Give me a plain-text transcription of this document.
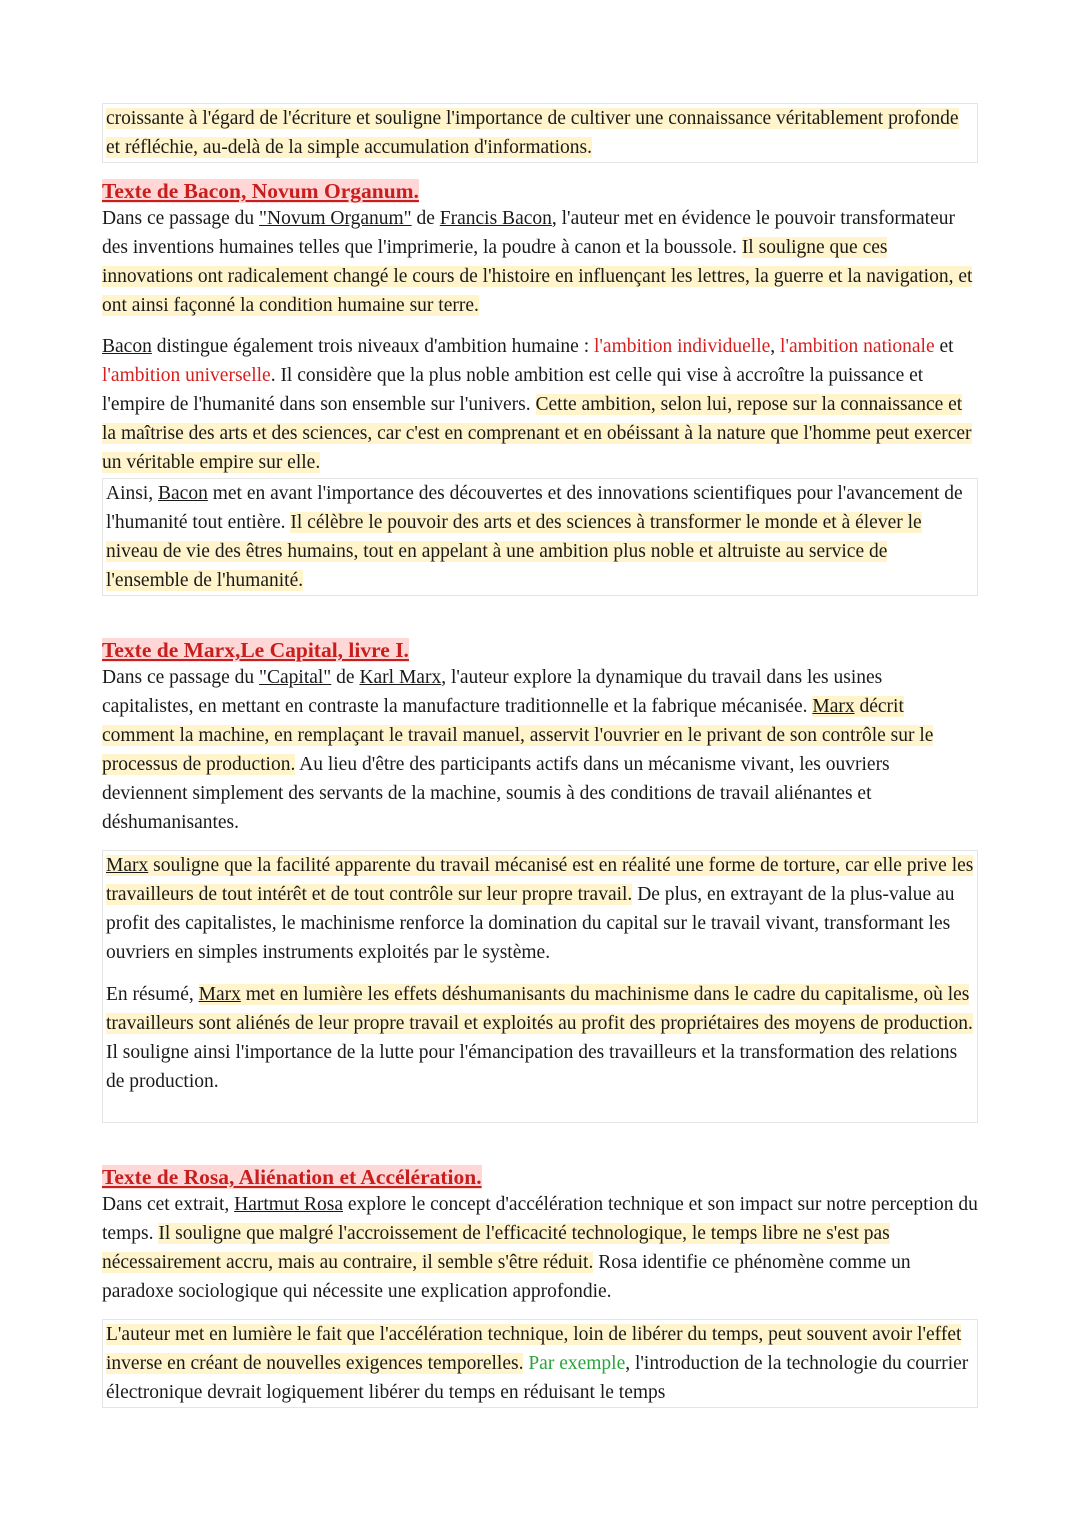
croissante à l'égard de l'écriture et souligne l'importance de cultiver une connaissance véritablement profonde et réfléchie, au-delà de la simple accumulation d'informations.

Texte de Bacon, Novum Organum.

Dans ce passage du "Novum Organum" de Francis Bacon, l'auteur met en évidence le pouvoir transformateur des inventions humaines telles que l'imprimerie, la poudre à canon et la boussole. Il souligne que ces innovations ont radicalement changé le cours de l'histoire en influençant les lettres, la guerre et la navigation, et ont ainsi façonné la condition humaine sur terre.

Bacon distingue également trois niveaux d'ambition humaine : l'ambition individuelle, l'ambition nationale et l'ambition universelle. Il considère que la plus noble ambition est celle qui vise à accroître la puissance et l'empire de l'humanité dans son ensemble sur l'univers. Cette ambition, selon lui, repose sur la connaissance et la maîtrise des arts et des sciences, car c'est en comprenant et en obéissant à la nature que l'homme peut exercer un véritable empire sur elle.

Ainsi, Bacon met en avant l'importance des découvertes et des innovations scientifiques pour l'avancement de l'humanité tout entière. Il célèbre le pouvoir des arts et des sciences à transformer le monde et à élever le niveau de vie des êtres humains, tout en appelant à une ambition plus noble et altruiste au service de l'ensemble de l'humanité.

Texte de Marx,Le Capital, livre I.

Dans ce passage du "Capital" de Karl Marx, l'auteur explore la dynamique du travail dans les usines capitalistes, en mettant en contraste la manufacture traditionnelle et la fabrique mécanisée. Marx décrit comment la machine, en remplaçant le travail manuel, asservit l'ouvrier en le privant de son contrôle sur le processus de production. Au lieu d'être des participants actifs dans un mécanisme vivant, les ouvriers deviennent simplement des servants de la machine, soumis à des conditions de travail aliénantes et déshumanisantes.

Marx souligne que la facilité apparente du travail mécanisé est en réalité une forme de torture, car elle prive les travailleurs de tout intérêt et de tout contrôle sur leur propre travail. De plus, en extrayant de la plus-value au profit des capitalistes, le machinisme renforce la domination du capital sur le travail vivant, transformant les ouvriers en simples instruments exploités par le système.

En résumé, Marx met en lumière les effets déshumanisants du machinisme dans le cadre du capitalisme, où les travailleurs sont aliénés de leur propre travail et exploités au profit des propriétaires des moyens de production. Il souligne ainsi l'importance de la lutte pour l'émancipation des travailleurs et la transformation des relations de production.

Texte de Rosa, Aliénation et Accélération.

Dans cet extrait, Hartmut Rosa explore le concept d'accélération technique et son impact sur notre perception du temps. Il souligne que malgré l'accroissement de l'efficacité technologique, le temps libre ne s'est pas nécessairement accru, mais au contraire, il semble s'être réduit. Rosa identifie ce phénomène comme un paradoxe sociologique qui nécessite une explication approfondie.

L'auteur met en lumière le fait que l'accélération technique, loin de libérer du temps, peut souvent avoir l'effet inverse en créant de nouvelles exigences temporelles. Par exemple, l'introduction de la technologie du courrier électronique devrait logiquement libérer du temps en réduisant le temps
